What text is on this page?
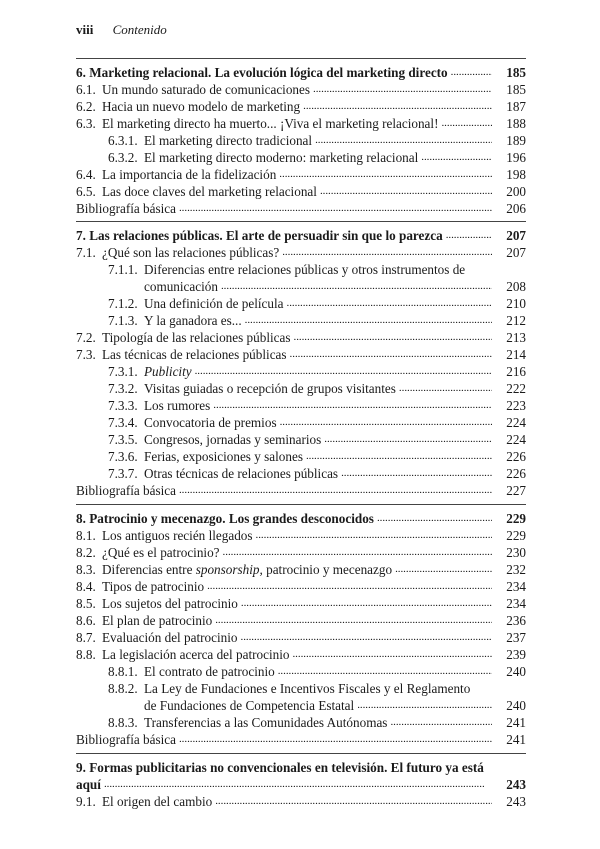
viii Contenido
6. Marketing relacional. La evolución lógica del marketing directo . . .	185
6.1. Un mundo saturado de comunicaciones . . .	185
6.2. Hacia un nuevo modelo de marketing . . .	187
6.3. El marketing directo ha muerto... ¡Viva el marketing relacional! . . .	188
6.3.1. El marketing directo tradicional . . .	189
6.3.2. El marketing directo moderno: marketing relacional . . .	196
6.4. La importancia de la fidelización . . .	198
6.5. Las doce claves del marketing relacional . . .	200
Bibliografía básica . . .	206
7. Las relaciones públicas. El arte de persuadir sin que lo parezca . . .	207
7.1. ¿Qué son las relaciones públicas? . . .	207
7.1.1. Diferencias entre relaciones públicas y otros instrumentos de
comunicación . . .	208
7.1.2. Una definición de película . . .	210
7.1.3. Y la ganadora es... . . .	212
7.2. Tipología de las relaciones públicas . . .	213
7.3. Las técnicas de relaciones públicas . . .	214
7.3.1. Publicity . . .	216
7.3.2. Visitas guiadas o recepción de grupos visitantes . . .	222
7.3.3. Los rumores . . .	223
7.3.4. Convocatoria de premios . . .	224
7.3.5. Congresos, jornadas y seminarios . . .	224
7.3.6. Ferias, exposiciones y salones . . .	226
7.3.7. Otras técnicas de relaciones públicas . . .	226
Bibliografía básica . . .	227
8. Patrocinio y mecenazgo. Los grandes desconocidos . . .	229
8.1. Los antiguos recién llegados . . .	229
8.2. ¿Qué es el patrocinio? . . .	230
8.3. Diferencias entre sponsorship, patrocinio y mecenazgo . . .	232
8.4. Tipos de patrocinio . . .	234
8.5. Los sujetos del patrocinio . . .	234
8.6. El plan de patrocinio . . .	236
8.7. Evaluación del patrocinio . . .	237
8.8. La legislación acerca del patrocinio . . .	239
8.8.1. El contrato de patrocinio . . .	240
8.8.2. La Ley de Fundaciones e Incentivos Fiscales y el Reglamento
de Fundaciones de Competencia Estatal . . .	240
8.8.3. Transferencias a las Comunidades Autónomas . . .	241
Bibliografía básica . . .	241
9. Formas publicitarias no convencionales en televisión. El futuro ya está
aquí . . .	243
9.1. El origen del cambio . . .	243
